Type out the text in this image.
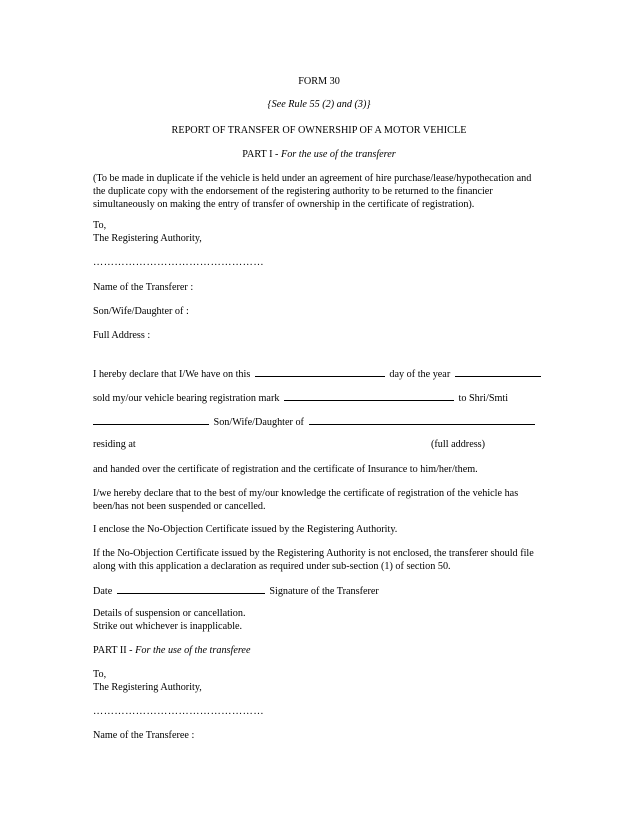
FORM 30
{See Rule 55 (2) and (3)}
REPORT OF TRANSFER OF OWNERSHIP OF A MOTOR VEHICLE
PART I - For the use of the transferer
(To be made in duplicate if the vehicle is held under an agreement of hire purchase/lease/hypothecation and the duplicate copy with the endorsement of the registering authority to be returned to the financier simultaneously on making the entry of transfer of ownership in the certificate of registration).
To,
The Registering Authority,
…………………………………………
Name of the Transferer :
Son/Wife/Daughter of :
Full Address :
I hereby declare that I/We have on this	day of the year
sold my/our vehicle bearing registration mark	to Shri/Smti
Son/Wife/Daughter of
residing at	(full address)
and handed over the certificate of registration and the certificate of Insurance to him/her/them.
I/we hereby declare that to the best of my/our knowledge the certificate of registration of the vehicle has been/has not been suspended or cancelled.
I enclose the No-Objection Certificate issued by the Registering Authority.
If the No-Objection Certificate issued by the Registering Authority is not enclosed, the transferer should file along with this application a declaration as required under sub-section (1) of section 50.
Date	Signature of the Transferer
Details of suspension or cancellation.
Strike out whichever is inapplicable.
PART II - For the use of the transferee
To,
The Registering Authority,
…………………………………………
Name of the Transferee :
